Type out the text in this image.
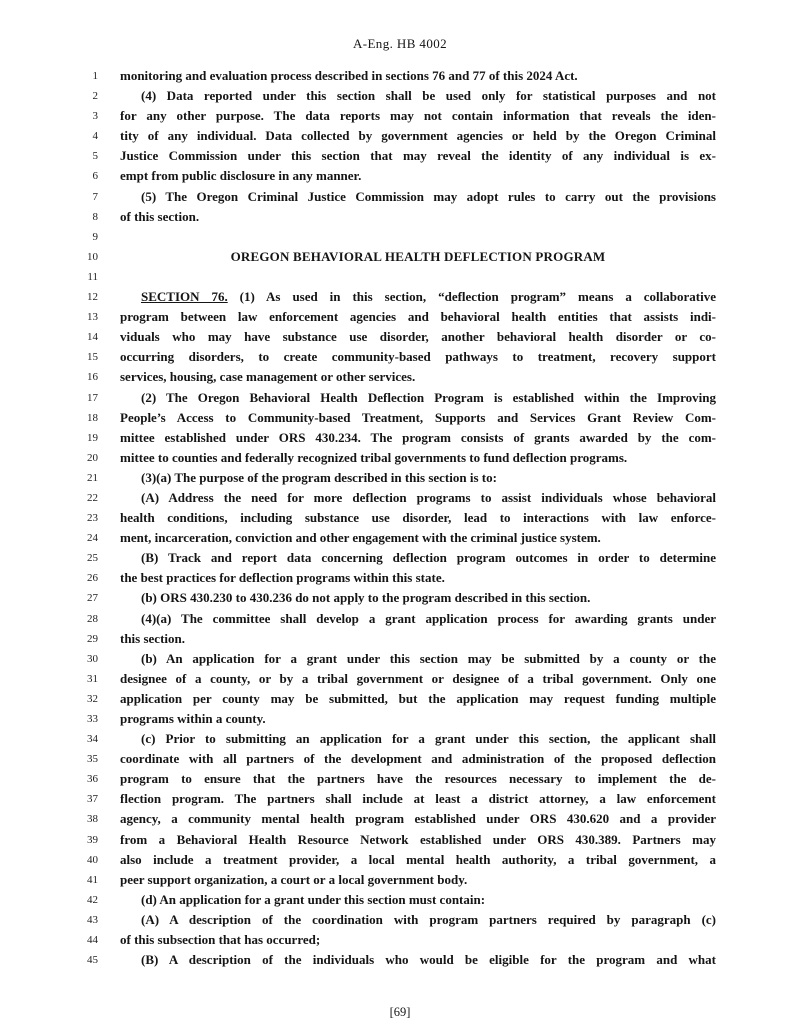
A-Eng. HB 4002
1 monitoring and evaluation process described in sections 76 and 77 of this 2024 Act.
2	(4) Data reported under this section shall be used only for statistical purposes and not
3 for any other purpose. The data reports may not contain information that reveals the iden-
4 tity of any individual. Data collected by government agencies or held by the Oregon Criminal
5 Justice Commission under this section that may reveal the identity of any individual is ex-
6 empt from public disclosure in any manner.
7	(5) The Oregon Criminal Justice Commission may adopt rules to carry out the provisions
8 of this section.
9
10	OREGON BEHAVIORAL HEALTH DEFLECTION PROGRAM
11
12	SECTION 76. (1) As used in this section, “deflection program” means a collaborative
13 program between law enforcement agencies and behavioral health entities that assists indi-
14 viduals who may have substance use disorder, another behavioral health disorder or co-
15 occurring disorders, to create community-based pathways to treatment, recovery support
16 services, housing, case management or other services.
17	(2) The Oregon Behavioral Health Deflection Program is established within the Improving
18 People’s Access to Community-based Treatment, Supports and Services Grant Review Com-
19 mittee established under ORS 430.234. The program consists of grants awarded by the com-
20 mittee to counties and federally recognized tribal governments to fund deflection programs.
21	(3)(a) The purpose of the program described in this section is to:
22	(A) Address the need for more deflection programs to assist individuals whose behavioral
23 health conditions, including substance use disorder, lead to interactions with law enforce-
24 ment, incarceration, conviction and other engagement with the criminal justice system.
25	(B) Track and report data concerning deflection program outcomes in order to determine
26 the best practices for deflection programs within this state.
27	(b) ORS 430.230 to 430.236 do not apply to the program described in this section.
28	(4)(a) The committee shall develop a grant application process for awarding grants under
29 this section.
30	(b) An application for a grant under this section may be submitted by a county or the
31 designee of a county, or by a tribal government or designee of a tribal government. Only one
32 application per county may be submitted, but the application may request funding multiple
33 programs within a county.
34	(c) Prior to submitting an application for a grant under this section, the applicant shall
35 coordinate with all partners of the development and administration of the proposed deflection
36 program to ensure that the partners have the resources necessary to implement the de-
37 flection program. The partners shall include at least a district attorney, a law enforcement
38 agency, a community mental health program established under ORS 430.620 and a provider
39 from a Behavioral Health Resource Network established under ORS 430.389. Partners may
40 also include a treatment provider, a local mental health authority, a tribal government, a
41 peer support organization, a court or a local government body.
42	(d) An application for a grant under this section must contain:
43	(A) A description of the coordination with program partners required by paragraph (c)
44 of this subsection that has occurred;
45	(B) A description of the individuals who would be eligible for the program and what
[69]
